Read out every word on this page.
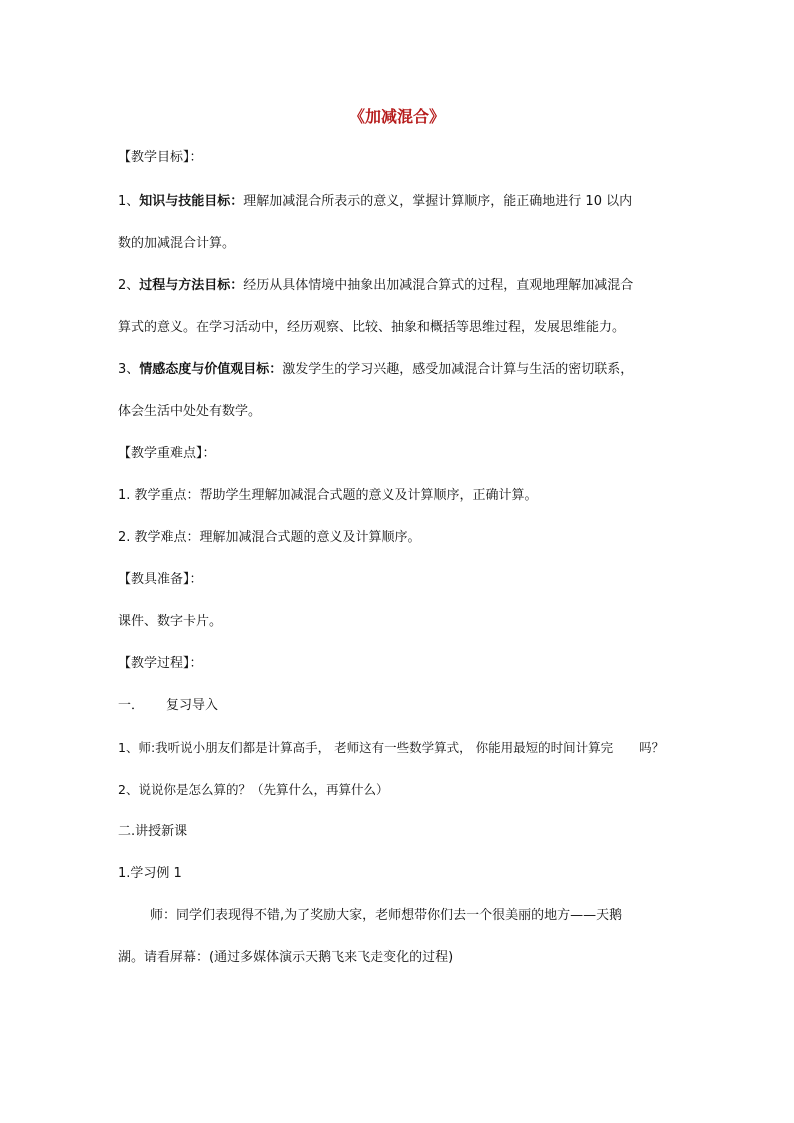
《加减混合》
【教学目标】：
1、知识与技能目标：理解加减混合所表示的意义，掌握计算顺序，能正确地进行 10 以内
数的加减混合计算。
2、过程与方法目标：经历从具体情境中抽象出加减混合算式的过程，直观地理解加减混合
算式的意义。在学习活动中，经历观察、比较、抽象和概括等思维过程，发展思维能力。
3、情感态度与价值观目标：激发学生的学习兴趣，感受加减混合计算与生活的密切联系，
体会生活中处处有数学。
【教学重难点】：
1. 教学重点：帮助学生理解加减混合式题的意义及计算顺序，正确计算。
2. 教学难点：理解加减混合式题的意义及计算顺序。
【教具准备】：
课件、数字卡片。
【教学过程】：
一． 复习导入
1、师:我听说小朋友们都是计算高手， 老师这有一些数学算式， 你能用最短的时间计算完 吗？
2、说说你是怎么算的？（先算什么，再算什么）
二.讲授新课
1.学习例 1
师：同学们表现得不错,为了奖励大家，老师想带你们去一个很美丽的地方——天鹅
湖。请看屏幕：(通过多媒体演示天鹅飞来飞走变化的过程)
